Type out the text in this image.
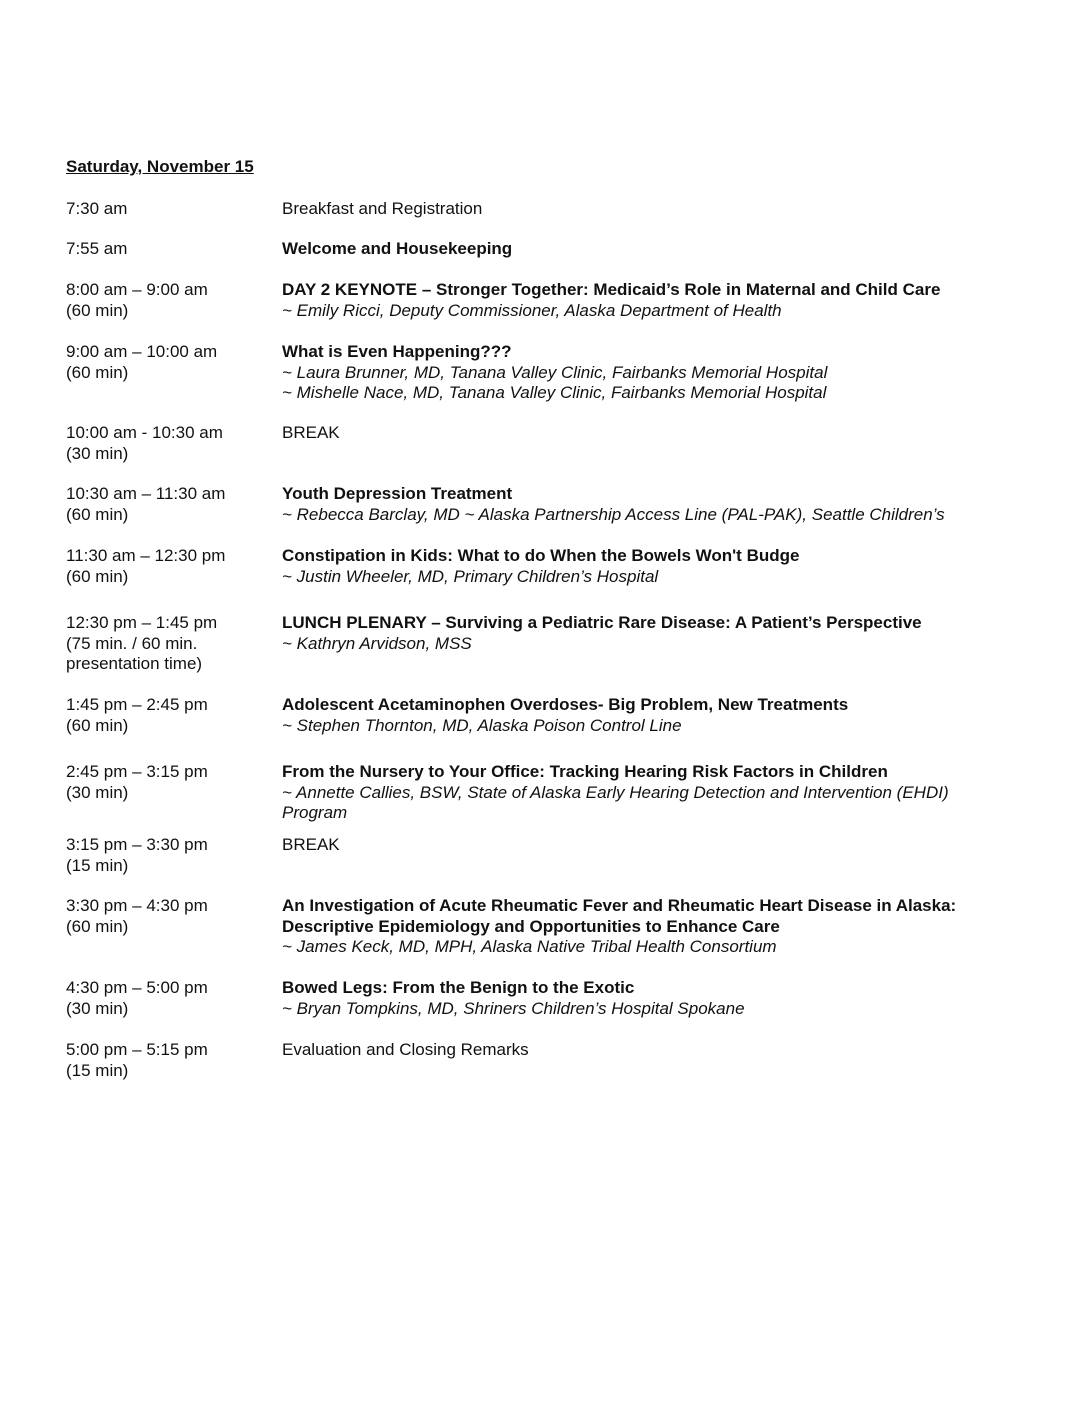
Saturday, November 15
7:30 am	Breakfast and Registration
7:55 am	Welcome and Housekeeping
8:00 am – 9:00 am
(60 min)
DAY 2 KEYNOTE – Stronger Together: Medicaid’s Role in Maternal and Child Care
~ Emily Ricci, Deputy Commissioner, Alaska Department of Health
9:00 am – 10:00 am
(60 min)
What is Even Happening???
~ Laura Brunner, MD, Tanana Valley Clinic, Fairbanks Memorial Hospital
~ Mishelle Nace, MD, Tanana Valley Clinic, Fairbanks Memorial Hospital
10:00 am - 10:30 am
(30 min)
BREAK
10:30 am – 11:30 am
(60 min)
Youth Depression Treatment
~ Rebecca Barclay, MD ~ Alaska Partnership Access Line (PAL-PAK), Seattle Children’s
11:30 am – 12:30 pm
(60 min)
Constipation in Kids: What to do When the Bowels Won't Budge
~ Justin Wheeler, MD, Primary Children’s Hospital
12:30 pm – 1:45 pm
(75 min. / 60 min.
presentation time)
LUNCH PLENARY – Surviving a Pediatric Rare Disease: A Patient’s Perspective
~ Kathryn Arvidson, MSS
1:45 pm – 2:45 pm
(60 min)
Adolescent Acetaminophen Overdoses- Big Problem, New Treatments
~ Stephen Thornton, MD, Alaska Poison Control Line
2:45 pm – 3:15 pm
(30 min)
From the Nursery to Your Office: Tracking Hearing Risk Factors in Children
~ Annette Callies, BSW, State of Alaska Early Hearing Detection and Intervention (EHDI) Program
3:15 pm – 3:30 pm
(15 min)
BREAK
3:30 pm – 4:30 pm
(60 min)
An Investigation of Acute Rheumatic Fever and Rheumatic Heart Disease in Alaska: Descriptive Epidemiology and Opportunities to Enhance Care
~ James Keck, MD, MPH, Alaska Native Tribal Health Consortium
4:30 pm – 5:00 pm
(30 min)
Bowed Legs: From the Benign to the Exotic
~ Bryan Tompkins, MD, Shriners Children’s Hospital Spokane
5:00 pm – 5:15 pm
(15 min)
Evaluation and Closing Remarks
